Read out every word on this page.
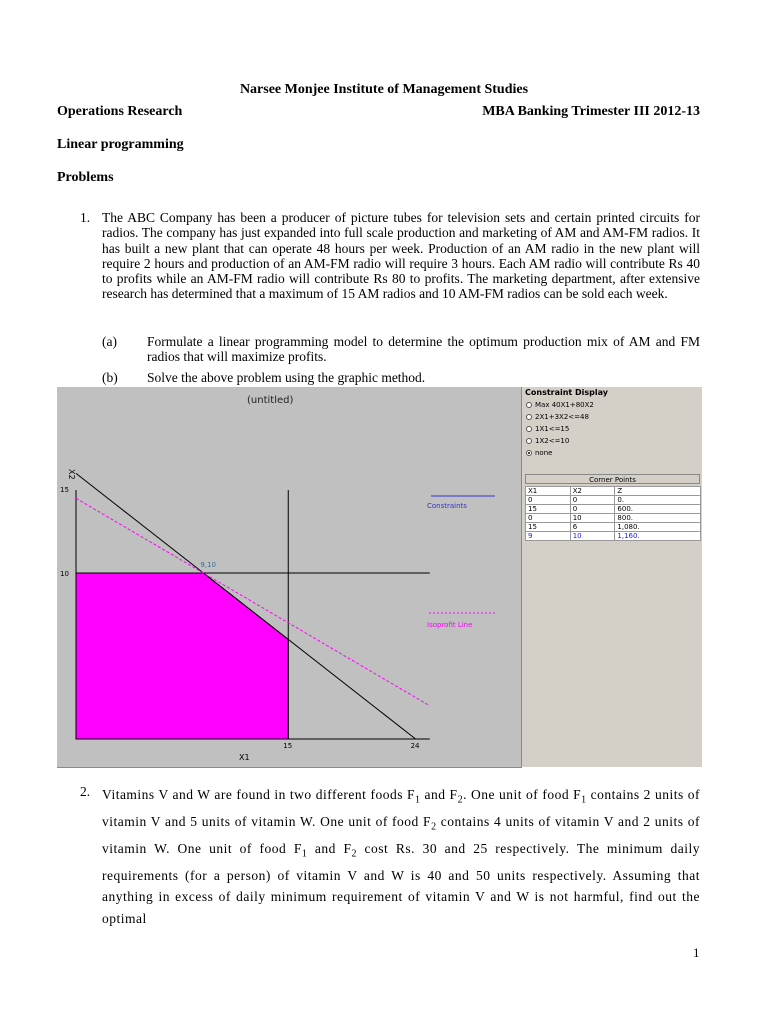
Narsee Monjee Institute of Management Studies
Operations Research	MBA Banking Trimester III 2012-13
Linear programming
Problems
1. The ABC Company has been a producer of picture tubes for television sets and certain printed circuits for radios. The company has just expanded into full scale production and marketing of AM and AM-FM radios. It has built a new plant that can operate 48 hours per week. Production of an AM radio in the new plant will require 2 hours and production of an AM-FM radio will require 3 hours. Each AM radio will contribute Rs 40 to profits while an AM-FM radio will contribute Rs 80 to profits. The marketing department, after extensive research has determined that a maximum of 15 AM radios and 10 AM-FM radios can be sold each week.
(a) Formulate a linear programming model to determine the optimum production mix of AM and FM radios that will maximize profits.
(b) Solve the above problem using the graphic method.
(untitled)
9,10
15	24
10
15
X1
X2
Constraints
Isoprofit Line
Constraint Display
Max 40X1+80X2
2X1+3X2<=48
1X1<=15
1X2<=10
none
Corner Points
X1	X2	Z
0	0	0.
15	0	600.
0	10	800.
15	6	1,080.
9	10	1,160.
2. Vitamins V and W are found in two different foods $F_1$ and $F_2$. One unit of food $F_1$ contains 2 units of vitamin V and 5 units of vitamin W. One unit of food $F_2$ contains 4 units of vitamin V and 2 units of vitamin W. One unit of food $F_1$ and $F_2$ cost Rs. 30 and 25 respectively. The minimum daily requirements (for a person) of vitamin V and W is 40 and 50 units respectively. Assuming that anything in excess of daily minimum requirement of vitamin V and W is not harmful, find out the optimal
1
